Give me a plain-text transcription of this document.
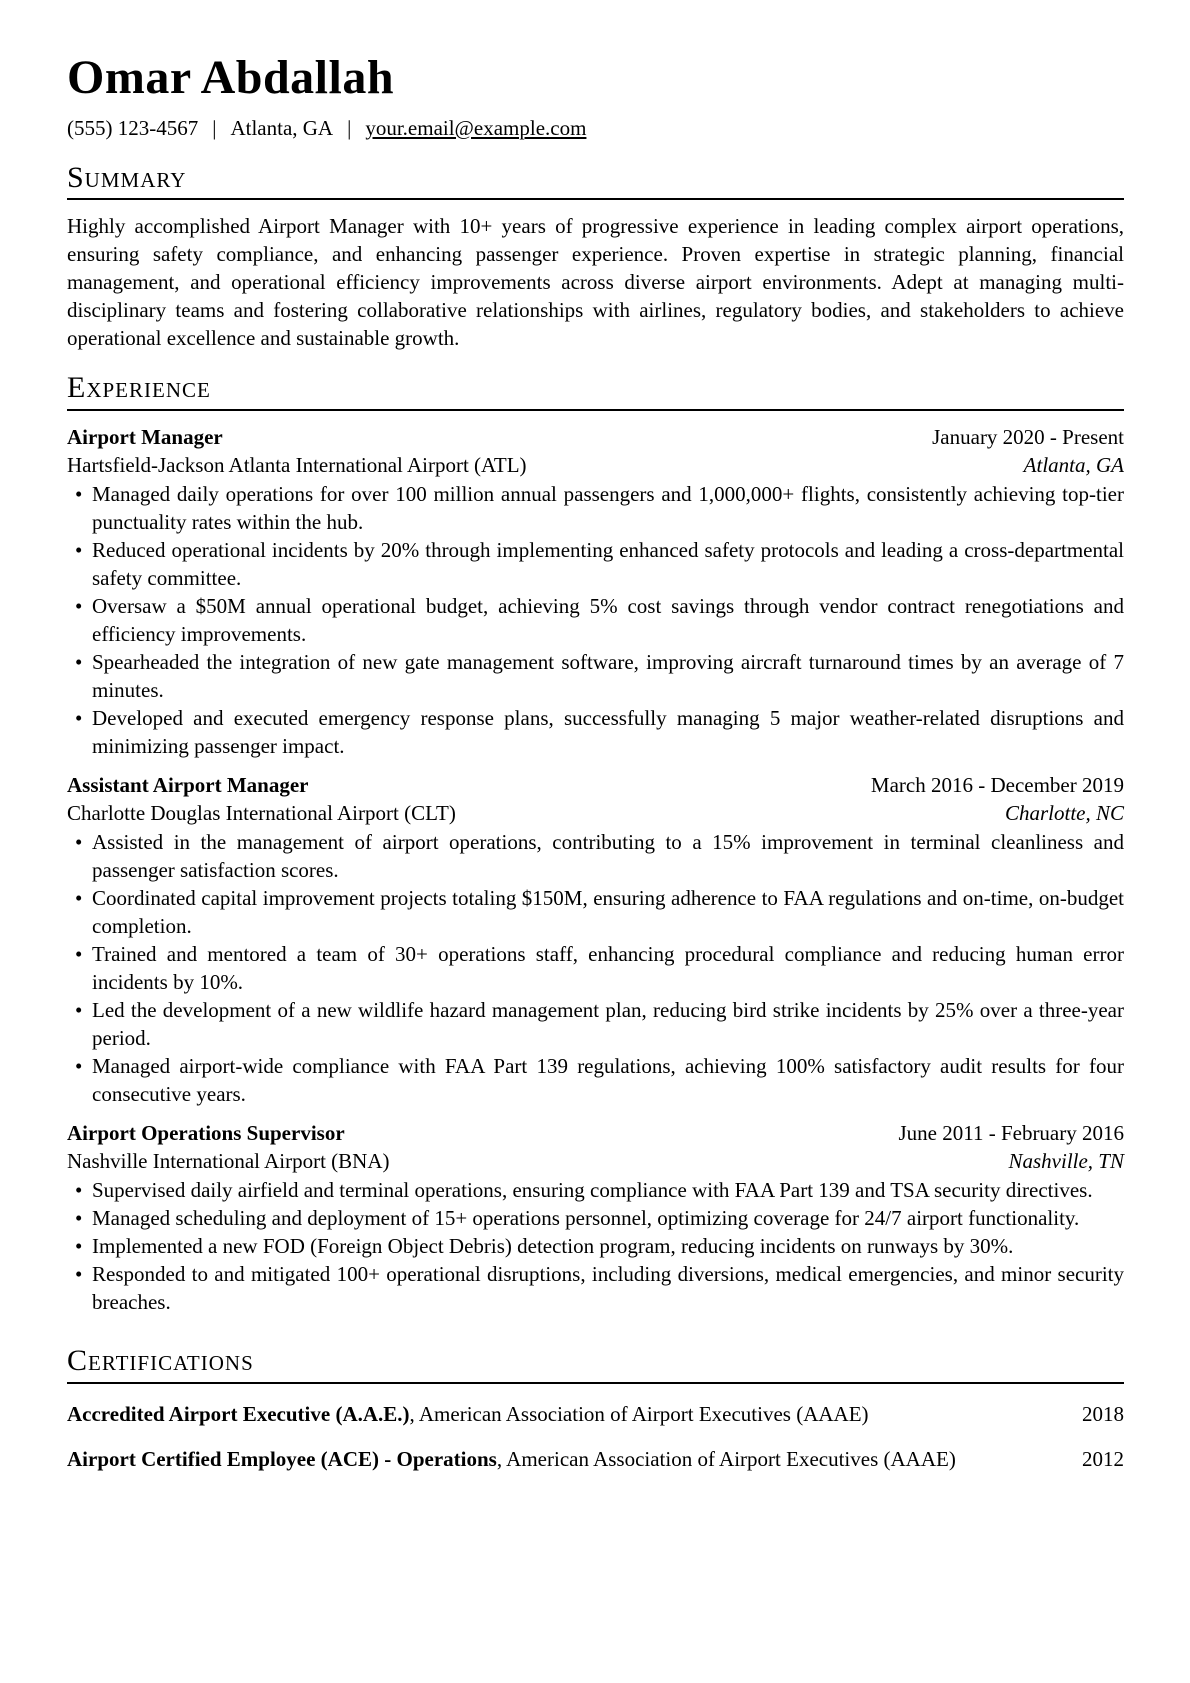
Omar Abdallah
(555) 123-4567 | Atlanta, GA | your.email@example.com
Summary

Highly accomplished Airport Manager with 10+ years of progressive experience in leading complex airport operations, ensuring safety compliance, and enhancing passenger experience. Proven expertise in strategic planning, financial management, and operational efficiency improvements across diverse airport environments. Adept at managing multi-disciplinary teams and fostering collaborative relationships with airlines, regulatory bodies, and stakeholders to achieve operational excellence and sustainable growth.

Experience
Airport Manager	January 2020 - Present
Hartsfield-Jackson Atlanta International Airport (ATL)	Atlanta, GA
• Managed daily operations for over 100 million annual passengers and 1,000,000+ flights, consistently achieving top-tier punctuality rates within the hub.
• Reduced operational incidents by 20% through implementing enhanced safety protocols and leading a cross-departmental safety committee.
• Oversaw a $50M annual operational budget, achieving 5% cost savings through vendor contract renegotiations and efficiency improvements.
• Spearheaded the integration of new gate management software, improving aircraft turnaround times by an average of 7 minutes.
• Developed and executed emergency response plans, successfully managing 5 major weather-related disruptions and minimizing passenger impact.
Assistant Airport Manager	March 2016 - December 2019
Charlotte Douglas International Airport (CLT)	Charlotte, NC
• Assisted in the management of airport operations, contributing to a 15% improvement in terminal cleanliness and passenger satisfaction scores.
• Coordinated capital improvement projects totaling $150M, ensuring adherence to FAA regulations and on-time, on-budget completion.
• Trained and mentored a team of 30+ operations staff, enhancing procedural compliance and reducing human error incidents by 10%.
• Led the development of a new wildlife hazard management plan, reducing bird strike incidents by 25% over a three-year period.
• Managed airport-wide compliance with FAA Part 139 regulations, achieving 100% satisfactory audit results for four consecutive years.
Airport Operations Supervisor	June 2011 - February 2016
Nashville International Airport (BNA)	Nashville, TN
• Supervised daily airfield and terminal operations, ensuring compliance with FAA Part 139 and TSA security directives.
• Managed scheduling and deployment of 15+ operations personnel, optimizing coverage for 24/7 airport functionality.
• Implemented a new FOD (Foreign Object Debris) detection program, reducing incidents on runways by 30%.
• Responded to and mitigated 100+ operational disruptions, including diversions, medical emergencies, and minor security breaches.
Certifications

Accredited Airport Executive (A.A.E.), American Association of Airport Executives (AAAE)	2018

Airport Certified Employee (ACE) - Operations, American Association of Airport Executives (AAAE)	2012
